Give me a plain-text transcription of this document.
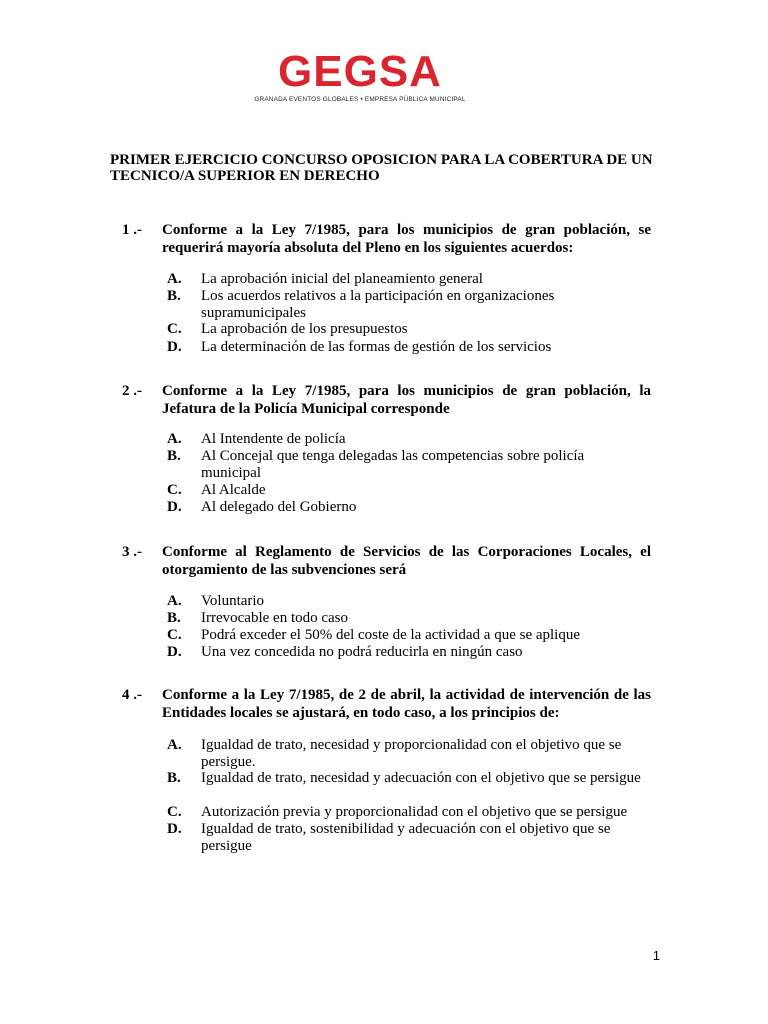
GEGSA
GRANADA EVENTOS GLOBALES • EMPRESA PÚBLICA MUNICIPAL
PRIMER EJERCICIO CONCURSO OPOSICION PARA LA COBERTURA DE UN TECNICO/A SUPERIOR EN DERECHO
1 .- Conforme a la Ley 7/1985, para los municipios de gran población, se requerirá mayoría absoluta del Pleno en los siguientes acuerdos:
A. La aprobación inicial del planeamiento general
B. Los acuerdos relativos a la participación en organizaciones supramunicipales
C. La aprobación de los presupuestos
D. La determinación de las formas de gestión de los servicios
2 .- Conforme a la Ley 7/1985, para los municipios de gran población, la Jefatura de la Policía Municipal corresponde
A. Al Intendente de policía
B. Al Concejal que tenga delegadas las competencias sobre policía municipal
C. Al Alcalde
D. Al delegado del Gobierno
3 .- Conforme al Reglamento de Servicios de las Corporaciones Locales, el otorgamiento de las subvenciones será
A. Voluntario
B. Irrevocable en todo caso
C. Podrá exceder el 50% del coste de la actividad a que se aplique
D. Una vez concedida no podrá reducirla en ningún caso
4 .- Conforme a la Ley 7/1985, de 2 de abril, la actividad de intervención de las Entidades locales se ajustará, en todo caso, a los principios de:
A. Igualdad de trato, necesidad y proporcionalidad con el objetivo que se persigue.
B. Igualdad de trato, necesidad y adecuación con el objetivo que se persigue
C. Autorización previa y proporcionalidad con el objetivo que se persigue
D. Igualdad de trato, sostenibilidad y adecuación con el objetivo que se persigue
1
